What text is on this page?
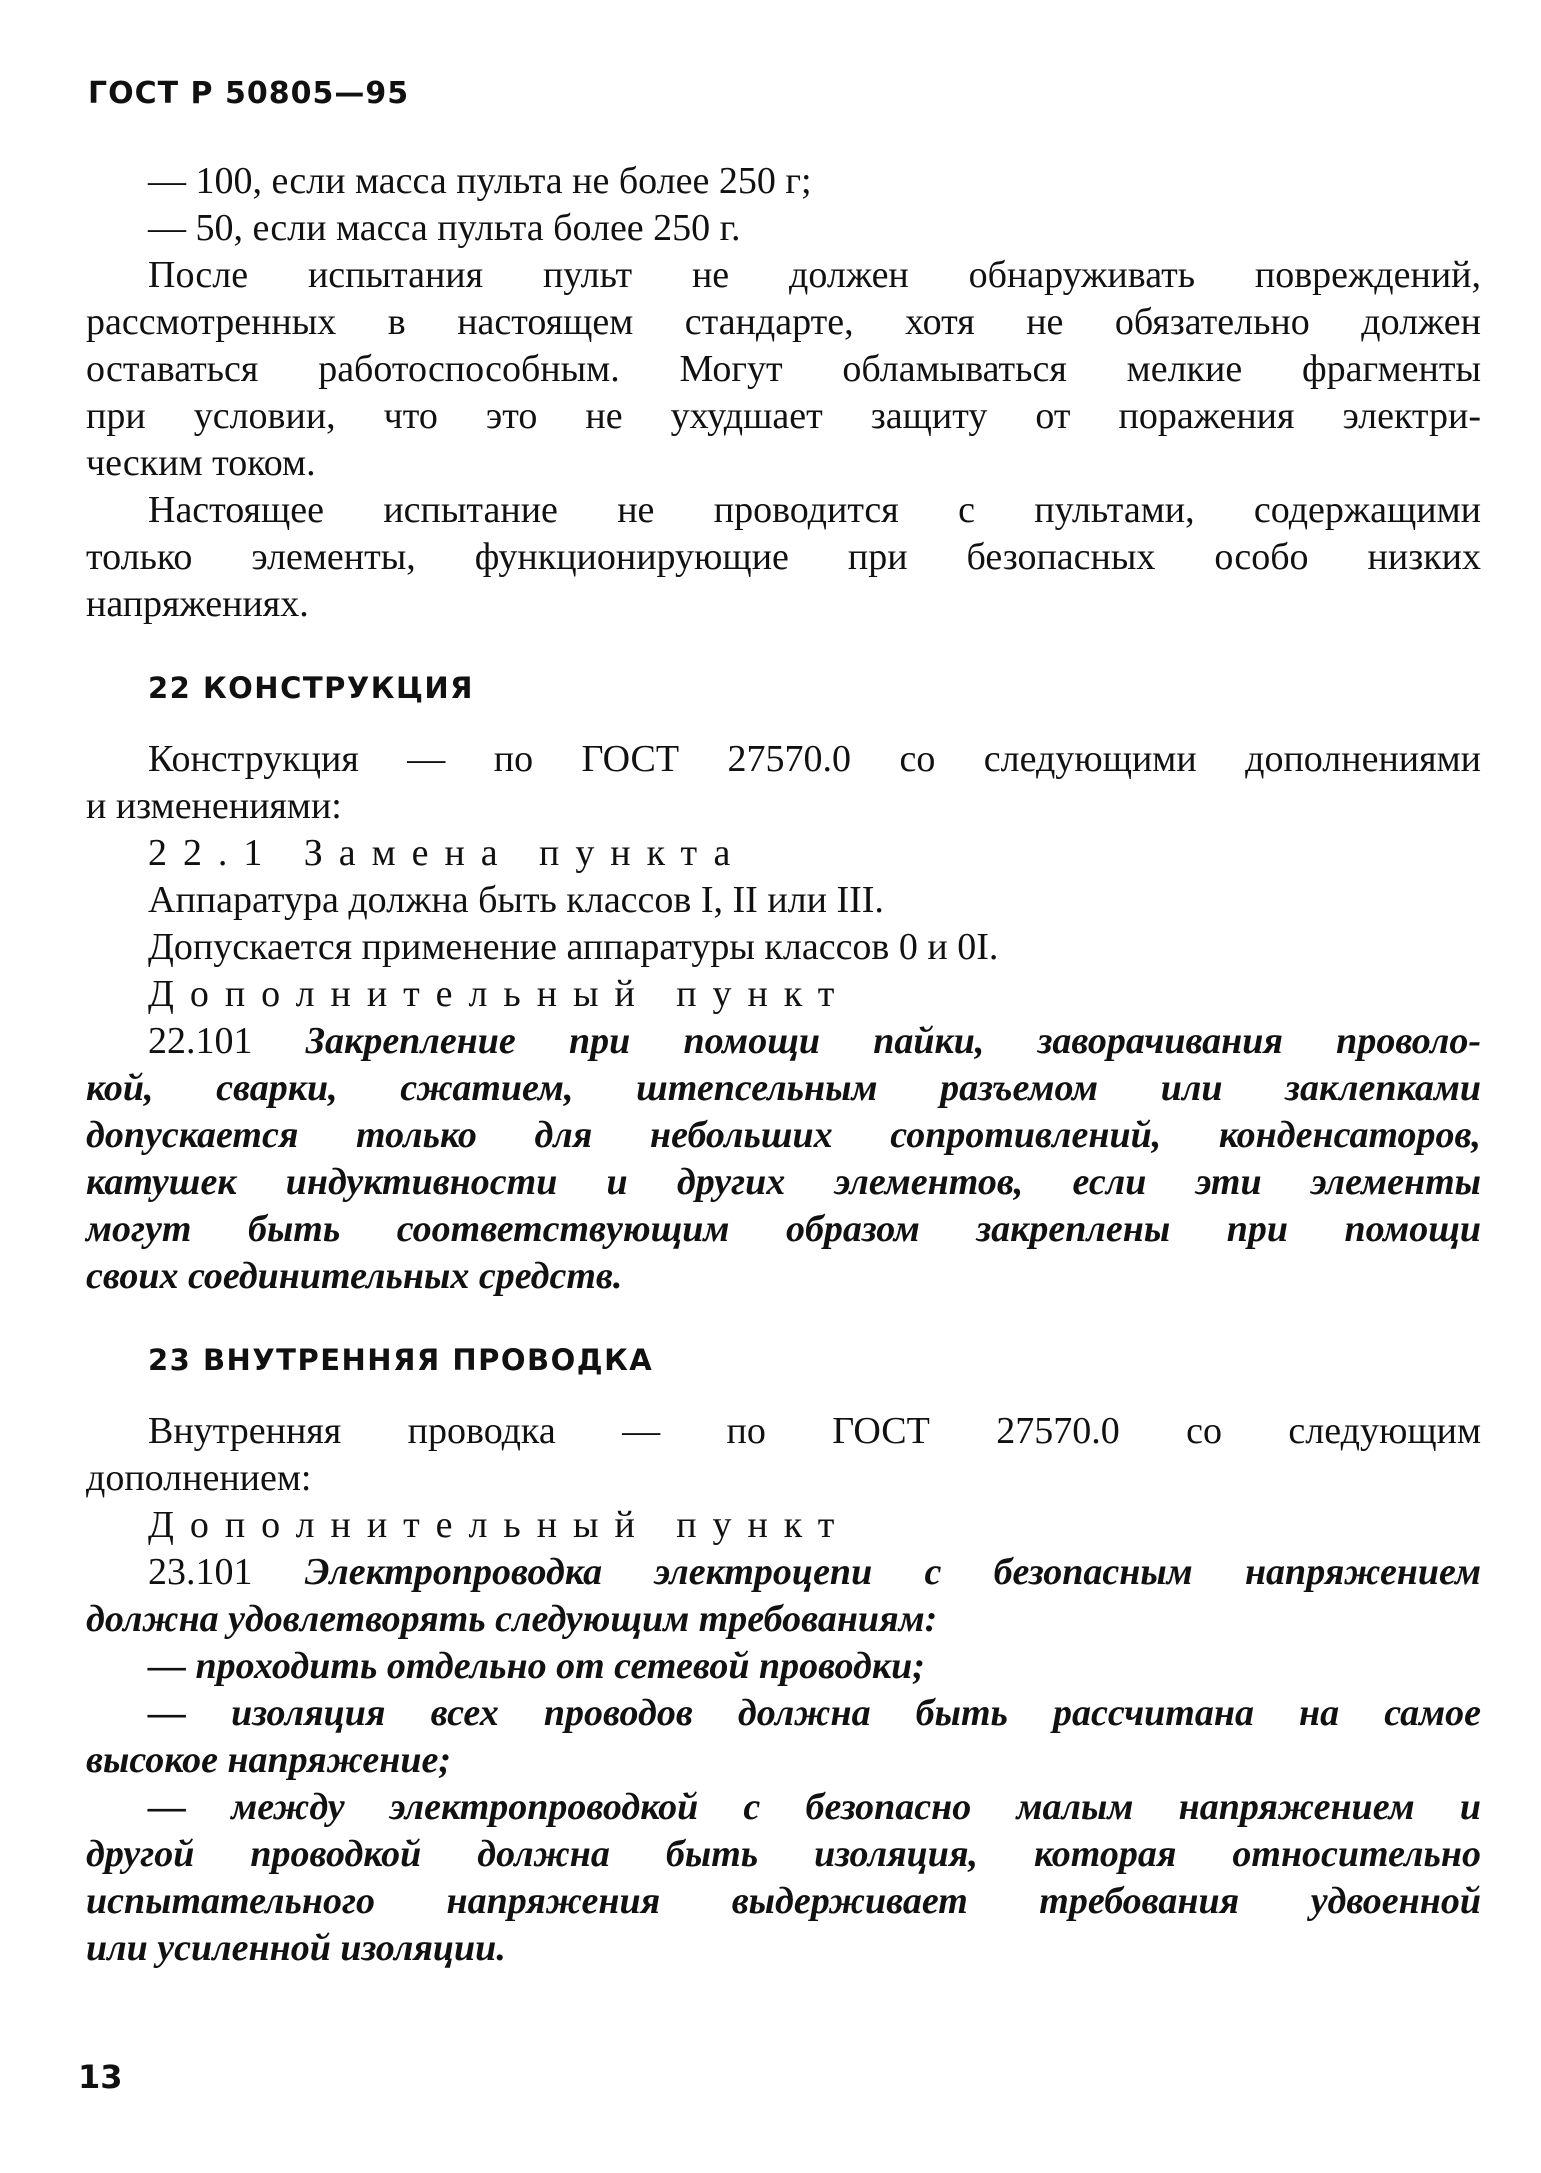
ГОСТ Р 50805—95

— 100, если масса пульта не более 250 г;

— 50, если масса пульта более 250 г.

После испытания пульт не должен обнаруживать повреждений,

рассмотренных в настоящем стандарте, хотя не обязательно должен

оставаться работоспособным. Могут обламываться мелкие фрагменты

при условии, что это не ухудшает защиту от поражения электри-

ческим током.

Настоящее испытание не проводится с пультами, содержащими

только элементы, функционирующие при безопасных особо низких

напряжениях.

22 КОНСТРУКЦИЯ

Конструкция — по ГОСТ 27570.0 со следующими дополнениями

и изменениями:

22.1 Замена пункта

Аппаратура должна быть классов I, II или III.

Допускается применение аппаратуры классов 0 и 0I.

Дополнительный пункт

22.101 Закрепление при помощи пайки, заворачивания проволо-

кой, сварки, сжатием, штепсельным разъемом или заклепками

допускается только для небольших сопротивлений, конденсаторов,

катушек индуктивности и других элементов, если эти элементы

могут быть соответствующим образом закреплены при помощи

своих соединительных средств.

23 ВНУТРЕННЯЯ ПРОВОДКА

Внутренняя проводка — по ГОСТ 27570.0 со следующим

дополнением:

Дополнительный пункт

23.101 Электропроводка электроцепи с безопасным напряжением

должна удовлетворять следующим требованиям:

— проходить отдельно от сетевой проводки;

— изоляция всех проводов должна быть рассчитана на самое

высокое напряжение;

— между электропроводкой с безопасно малым напряжением и

другой проводкой должна быть изоляция, которая относительно

испытательного напряжения выдерживает требования удвоенной

или усиленной изоляции.

13
